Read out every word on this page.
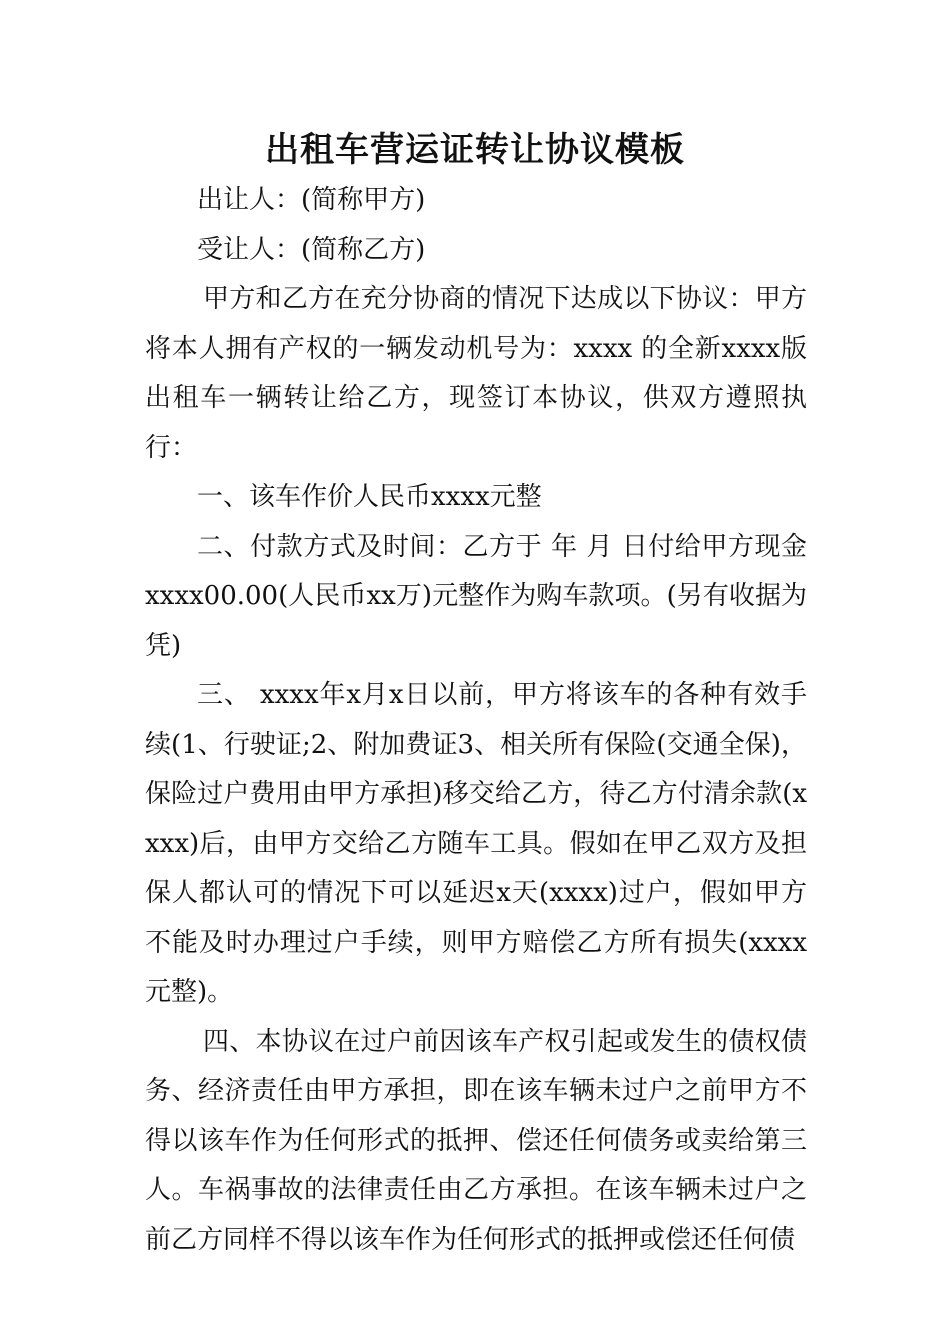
出租车营运证转让协议模板

出让人：(简称甲方)

受让人：(简称乙方)

甲方和乙方在充分协商的情况下达成以下协议：甲方将本人拥有产权的一辆发动机号为：xxxx 的全新xxxx版出租车一辆转让给乙方，现签订本协议，供双方遵照执行：

一、该车作价人民币xxxx元整

二、付款方式及时间：乙方于 年 月 日付给甲方现金xxxx00.00(人民币xx万)元整作为购车款项。(另有收据为凭)

三、 xxxx年x月x日以前，甲方将该车的各种有效手续(1、行驶证;2、附加费证3、相关所有保险(交通全保)，保险过户费用由甲方承担)移交给乙方，待乙方付清余款(xxxx)后，由甲方交给乙方随车工具。假如在甲乙双方及担保人都认可的情况下可以延迟x天(xxxx)过户，假如甲方不能及时办理过户手续，则甲方赔偿乙方所有损失(xxxx元整)。

四、本协议在过户前因该车产权引起或发生的债权债务、经济责任由甲方承担，即在该车辆未过户之前甲方不得以该车作为任何形式的抵押、偿还任何债务或卖给第三人。车祸事故的法律责任由乙方承担。在该车辆未过户之前乙方同样不得以该车作为任何形式的抵押或偿还任何债
